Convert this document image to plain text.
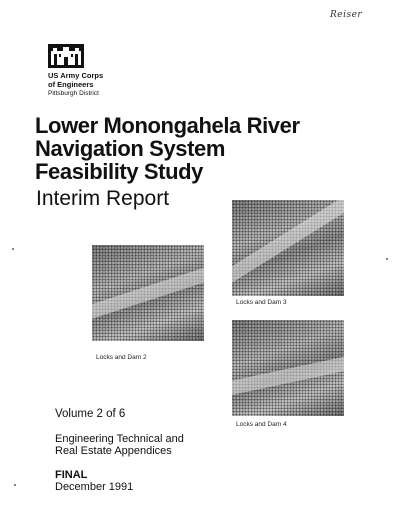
Reiser
US Army Corps
of Engineers
Pittsburgh District
Lower Monongahela River
Navigation System
Feasibility Study
Interim Report
Locks and Dam 2
Locks and Dam 3
Locks and Dam 4
Volume 2 of 6
Engineering Technical and
Real Estate Appendices
FINAL
December 1991
